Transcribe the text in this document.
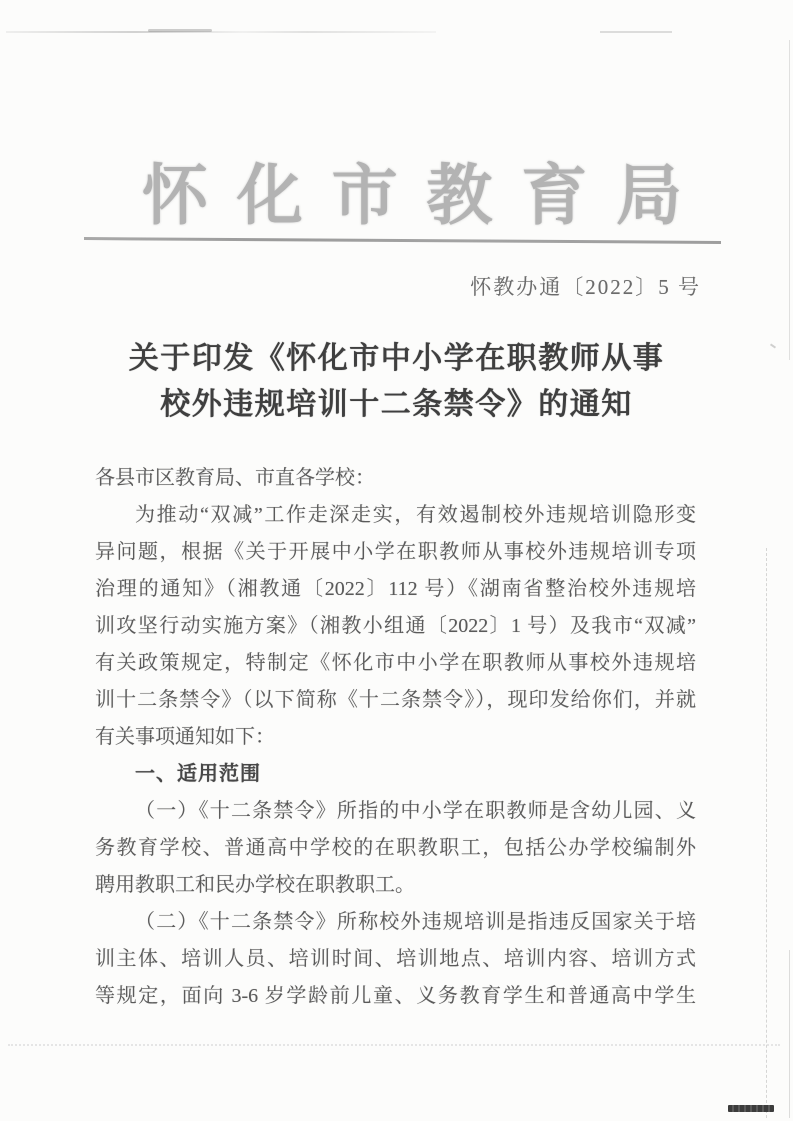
怀 化 市 教 育 局
怀教办通〔2022〕5 号
关于印发《怀化市中小学在职教师从事
校外违规培训十二条禁令》的通知
各县市区教育局、市直各学校：
为推动“双减”工作走深走实，有效遏制校外违规培训隐形变
异问题，根据《关于开展中小学在职教师从事校外违规培训专项
治理的通知》（湘教通〔2022〕112 号）《湖南省整治校外违规培
训攻坚行动实施方案》（湘教小组通〔2022〕1 号）及我市“双减”
有关政策规定，特制定《怀化市中小学在职教师从事校外违规培
训十二条禁令》（以下简称《十二条禁令》），现印发给你们，并就
有关事项通知如下：
一、适用范围
（一）《十二条禁令》所指的中小学在职教师是含幼儿园、义
务教育学校、普通高中学校的在职教职工，包括公办学校编制外
聘用教职工和民办学校在职教职工。
（二）《十二条禁令》所称校外违规培训是指违反国家关于培
训主体、培训人员、培训时间、培训地点、培训内容、培训方式
等规定，面向 3-6 岁学龄前儿童、义务教育学生和普通高中学生
